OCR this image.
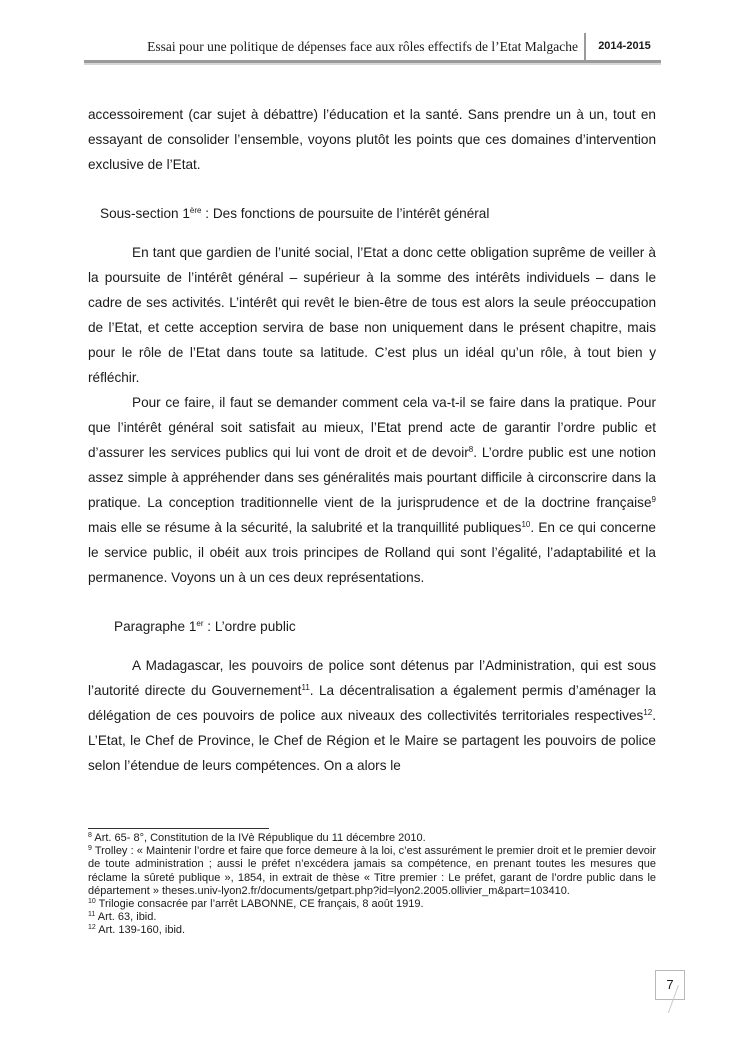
Essai pour une politique de dépenses face aux rôles effectifs de l’Etat Malgache	2014-2015

accessoirement (car sujet à débattre) l’éducation et la santé. Sans prendre un à un, tout en essayant de consolider l’ensemble, voyons plutôt les points que ces domaines d’intervention exclusive de l’Etat.

Sous-section 1ère : Des fonctions de poursuite de l’intérêt général

En tant que gardien de l’unité social, l’Etat a donc cette obligation suprême de veiller à la poursuite de l’intérêt général – supérieur à la somme des intérêts individuels – dans le cadre de ses activités. L’intérêt qui revêt le bien-être de tous est alors la seule préoccupation de l’Etat, et cette acception servira de base non uniquement dans le présent chapitre, mais pour le rôle de l’Etat dans toute sa latitude. C’est plus un idéal qu’un rôle, à tout bien y réfléchir.

Pour ce faire, il faut se demander comment cela va-t-il se faire dans la pratique. Pour que l’intérêt général soit satisfait au mieux, l’Etat prend acte de garantir l’ordre public et d’assurer les services publics qui lui vont de droit et de devoir$^8$. L’ordre public est une notion assez simple à appréhender dans ses généralités mais pourtant difficile à circonscrire dans la pratique. La conception traditionnelle vient de la jurisprudence et de la doctrine française$^9$ mais elle se résume à la sécurité, la salubrité et la tranquillité publiques$^{10}$. En ce qui concerne le service public, il obéit aux trois principes de Rolland qui sont l’égalité, l’adaptabilité et la permanence. Voyons un à un ces deux représentations.

Paragraphe 1er : L’ordre public

A Madagascar, les pouvoirs de police sont détenus par l’Administration, qui est sous l’autorité directe du Gouvernement$^{11}$. La décentralisation a également permis d’aménager la délégation de ces pouvoirs de police aux niveaux des collectivités territoriales respectives$^{12}$. L’Etat, le Chef de Province, le Chef de Région et le Maire se partagent les pouvoirs de police selon l’étendue de leurs compétences. On a alors le

$^8$ Art. 65- 8°, Constitution de la IVè République du 11 décembre 2010.

$^9$ Trolley : « Maintenir l’ordre et faire que force demeure à la loi, c’est assurément le premier droit et le premier devoir de toute administration ; aussi le préfet n’excédera jamais sa compétence, en prenant toutes les mesures que réclame la sûreté publique », 1854, in extrait de thèse « Titre premier : Le préfet, garant de l’ordre public dans le département » theses.univ-lyon2.fr/documents/getpart.php?id=lyon2.2005.ollivier_m&part=103410.

$^{10}$ Trilogie consacrée par l’arrêt LABONNE, CE français, 8 août 1919.

$^{11}$ Art. 63, ibid.

$^{12}$ Art. 139-160, ibid.

7
